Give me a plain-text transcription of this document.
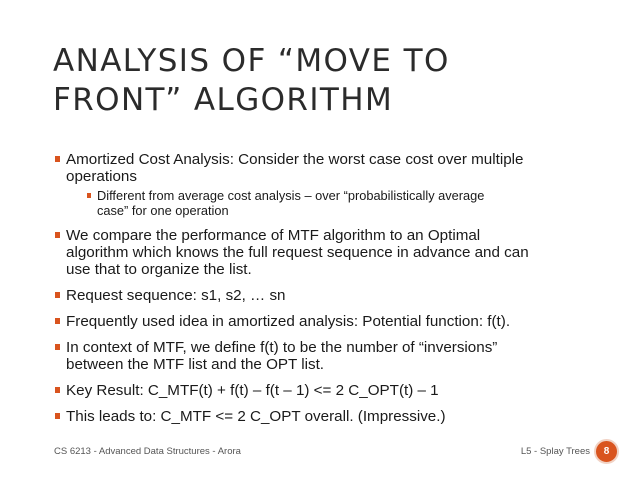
ANALYSIS OF “MOVE TO
FRONT” ALGORITHM
Amortized Cost Analysis: Consider the worst case cost over multiple
operations
Different from average cost analysis – over “probabilistically average
case” for one operation
We compare the performance of MTF algorithm to an Optimal
algorithm which knows the full request sequence in advance and can
use that to organize the list.
Request sequence: s1, s2, … sn
Frequently used idea in amortized analysis: Potential function: f(t).
In context of MTF, we define f(t) to be the number of “inversions”
between the MTF list and the OPT list.
Key Result: C_MTF(t) + f(t) – f(t – 1) <= 2 C_OPT(t) – 1
This leads to: C_MTF <= 2 C_OPT overall. (Impressive.)
CS 6213 - Advanced Data Structures - Arora	L5 - Splay Trees	8
